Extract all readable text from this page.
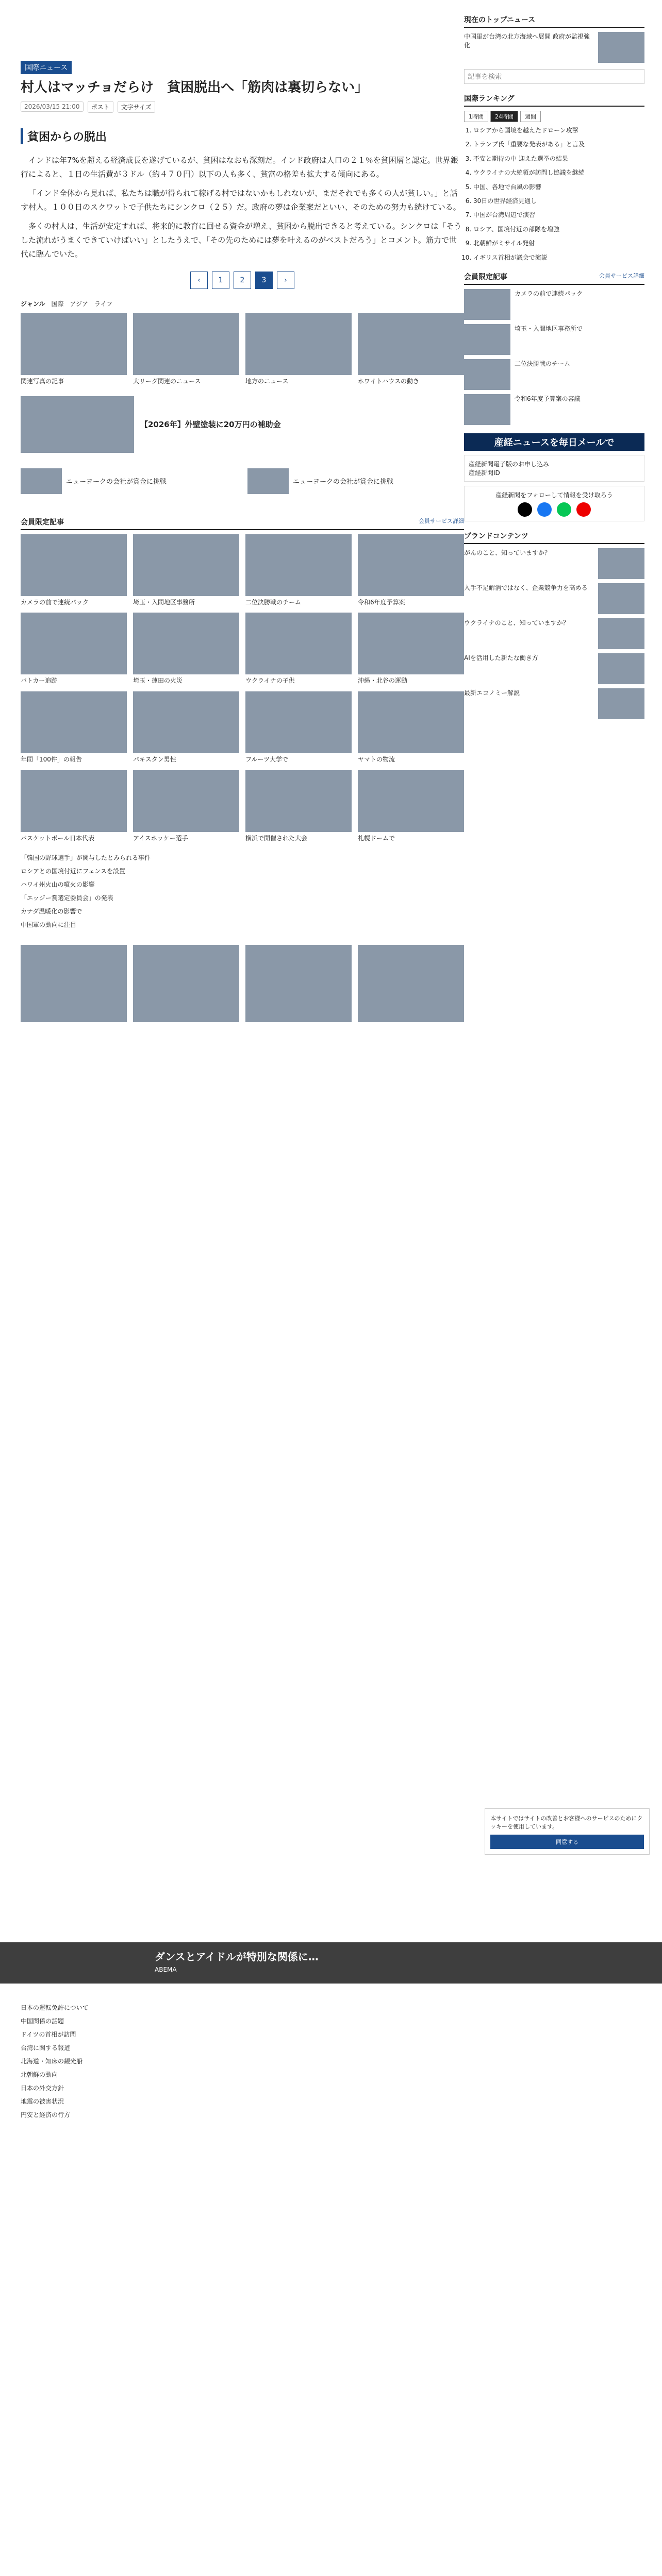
国際ニュース
村人はマッチョだらけ　貧困脱出へ「筋肉は裏切らない」
2026/03/15 21:00	ポスト	文字サイズ
貧困からの脱出

インドは年7%を超える経済成長を遂げているが、貧困はなおも深刻だ。インド政府は人口の２１％を貧困層と認定。世界銀行によると、１日の生活費が３ドル（約４７０円）以下の人も多く、貧富の格差も拡大する傾向にある。

「インド全体から見れば、私たちは職が得られて稼げる村ではないかもしれないが、まだそれでも多くの人が貧しい。」と話す村人。１００日のスクワットで子供たちにシンクロ（２５）だ。政府の夢は企業案だといい、そのための努力も続けている。

多くの村人は、生活が安定すれば、将来的に教育に回せる資金が増え、貧困から脱出できると考えている。シンクロは「そうした流れがうまくできていけばいい」としたうえで、「その先のためには夢を叶えるのがベストだろう」とコメント。筋力で世代に臨んでいた。

‹	1	2	3	›
ジャンル 国際 アジア ライフ
関連写真の記事	大リーグ関連のニュース	地方のニュース	ホワイトハウスの動き
【2026年】外壁塗装に20万円の補助金
ニューヨークの会社が賞金に挑戦	ニューヨークの会社が賞金に挑戦
会員限定記事	会員サービス詳細
カメラの前で連続パック	埼玉・入間地区事務所	二位決勝戦のチーム	令和6年度予算案
パトカー追跡	埼玉・蓮田の火災	ウクライナの子供	沖縄・北谷の運動
年間「100件」の報告	パキスタン男性	フルーツ大学で	ヤマトの物流
バスケットボール日本代表	アイスホッケー選手	横浜で開催された大会	札幌ドームで
「韓国の野球選手」が関与したとみられる事件
ロシアとの国境付近にフェンスを設置
ハワイ州火山の噴火の影響
「エッジー賞選定委員会」の発表
カナダ温暖化の影響で
中国軍の動向に注目
現在のトップニュース
中国軍が台湾の北方海域へ展開 政府が監視強化
記事を検索
国際ランキング
1時間	24時間	週間
1. ロシアから国境を越えたドローン攻撃
2. トランプ氏「重要な発表がある」と言及
3. 不安と期待の中 迎えた選挙の結果
4. ウクライナの大統領が訪問し協議を継続
5. 中国、各地で台風の影響
6. 30日の世界経済見通し
7. 中国が台湾周辺で演習
8. ロシア、国境付近の部隊を増強
9. 北朝鮮がミサイル発射
10. イギリス首相が議会で演説
会員限定記事	会員サービス詳細
カメラの前で連続パック
埼玉・入間地区事務所で
二位決勝戦のチーム
令和6年度予算案の審議
産経ニュースを毎日メールで
産経新聞電子版のお申し込み
産経新聞ID
産経新聞をフォローして情報を受け取ろう
ブランドコンテンツ
がんのこと、知っていますか？
入手不足解消ではなく、企業競争力を高める
ウクライナのこと、知っていますか？
AIを活用した新たな働き方
最新エコノミー解説
本サイトではサイトの改善とお客様へのサービスのためにクッキーを使用しています。
同意する
ダンスとアイドルが特別な関係に…
ABEMA
日本の運転免許について
中国関係の話題
ドイツの首相が訪問
台湾に関する報道
北海道・知床の観光船
北朝鮮の動向
日本の外交方針
地震の被害状況
円安と経済の行方
